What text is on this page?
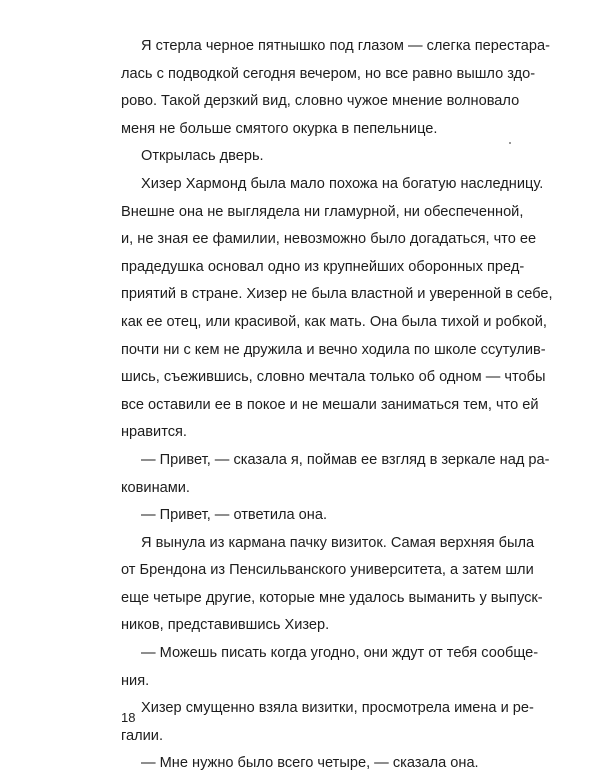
Я стерла черное пятнышко под глазом — слегка перестара-
лась с подводкой сегодня вечером, но все равно вышло здо-
рово. Такой дерзкий вид, словно чужое мнение волновало
меня не больше смятого окурка в пепельнице.
Открылась дверь.
Хизер Хармонд была мало похожа на богатую наследницу.
Внешне она не выглядела ни гламурной, ни обеспеченной,
и, не зная ее фамилии, невозможно было догадаться, что ее
прадедушка основал одно из крупнейших оборонных пред-
приятий в стране. Хизер не была властной и уверенной в себе,
как ее отец, или красивой, как мать. Она была тихой и робкой,
почти ни с кем не дружила и вечно ходила по школе ссутулив-
шись, съежившись, словно мечтала только об одном — чтобы
все оставили ее в покое и не мешали заниматься тем, что ей
нравится.
— Привет, — сказала я, поймав ее взгляд в зеркале над ра-
ковинами.
— Привет, — ответила она.
Я вынула из кармана пачку визиток. Самая верхняя была
от Брендона из Пенсильванского университета, а затем шли
еще четыре другие, которые мне удалось выманить у выпуск-
ников, представившись Хизер.
— Можешь писать когда угодно, они ждут от тебя сообще-
ния.
Хизер смущенно взяла визитки, просмотрела имена и ре-
галии.
— Мне нужно было всего четыре, — сказала она.
18
